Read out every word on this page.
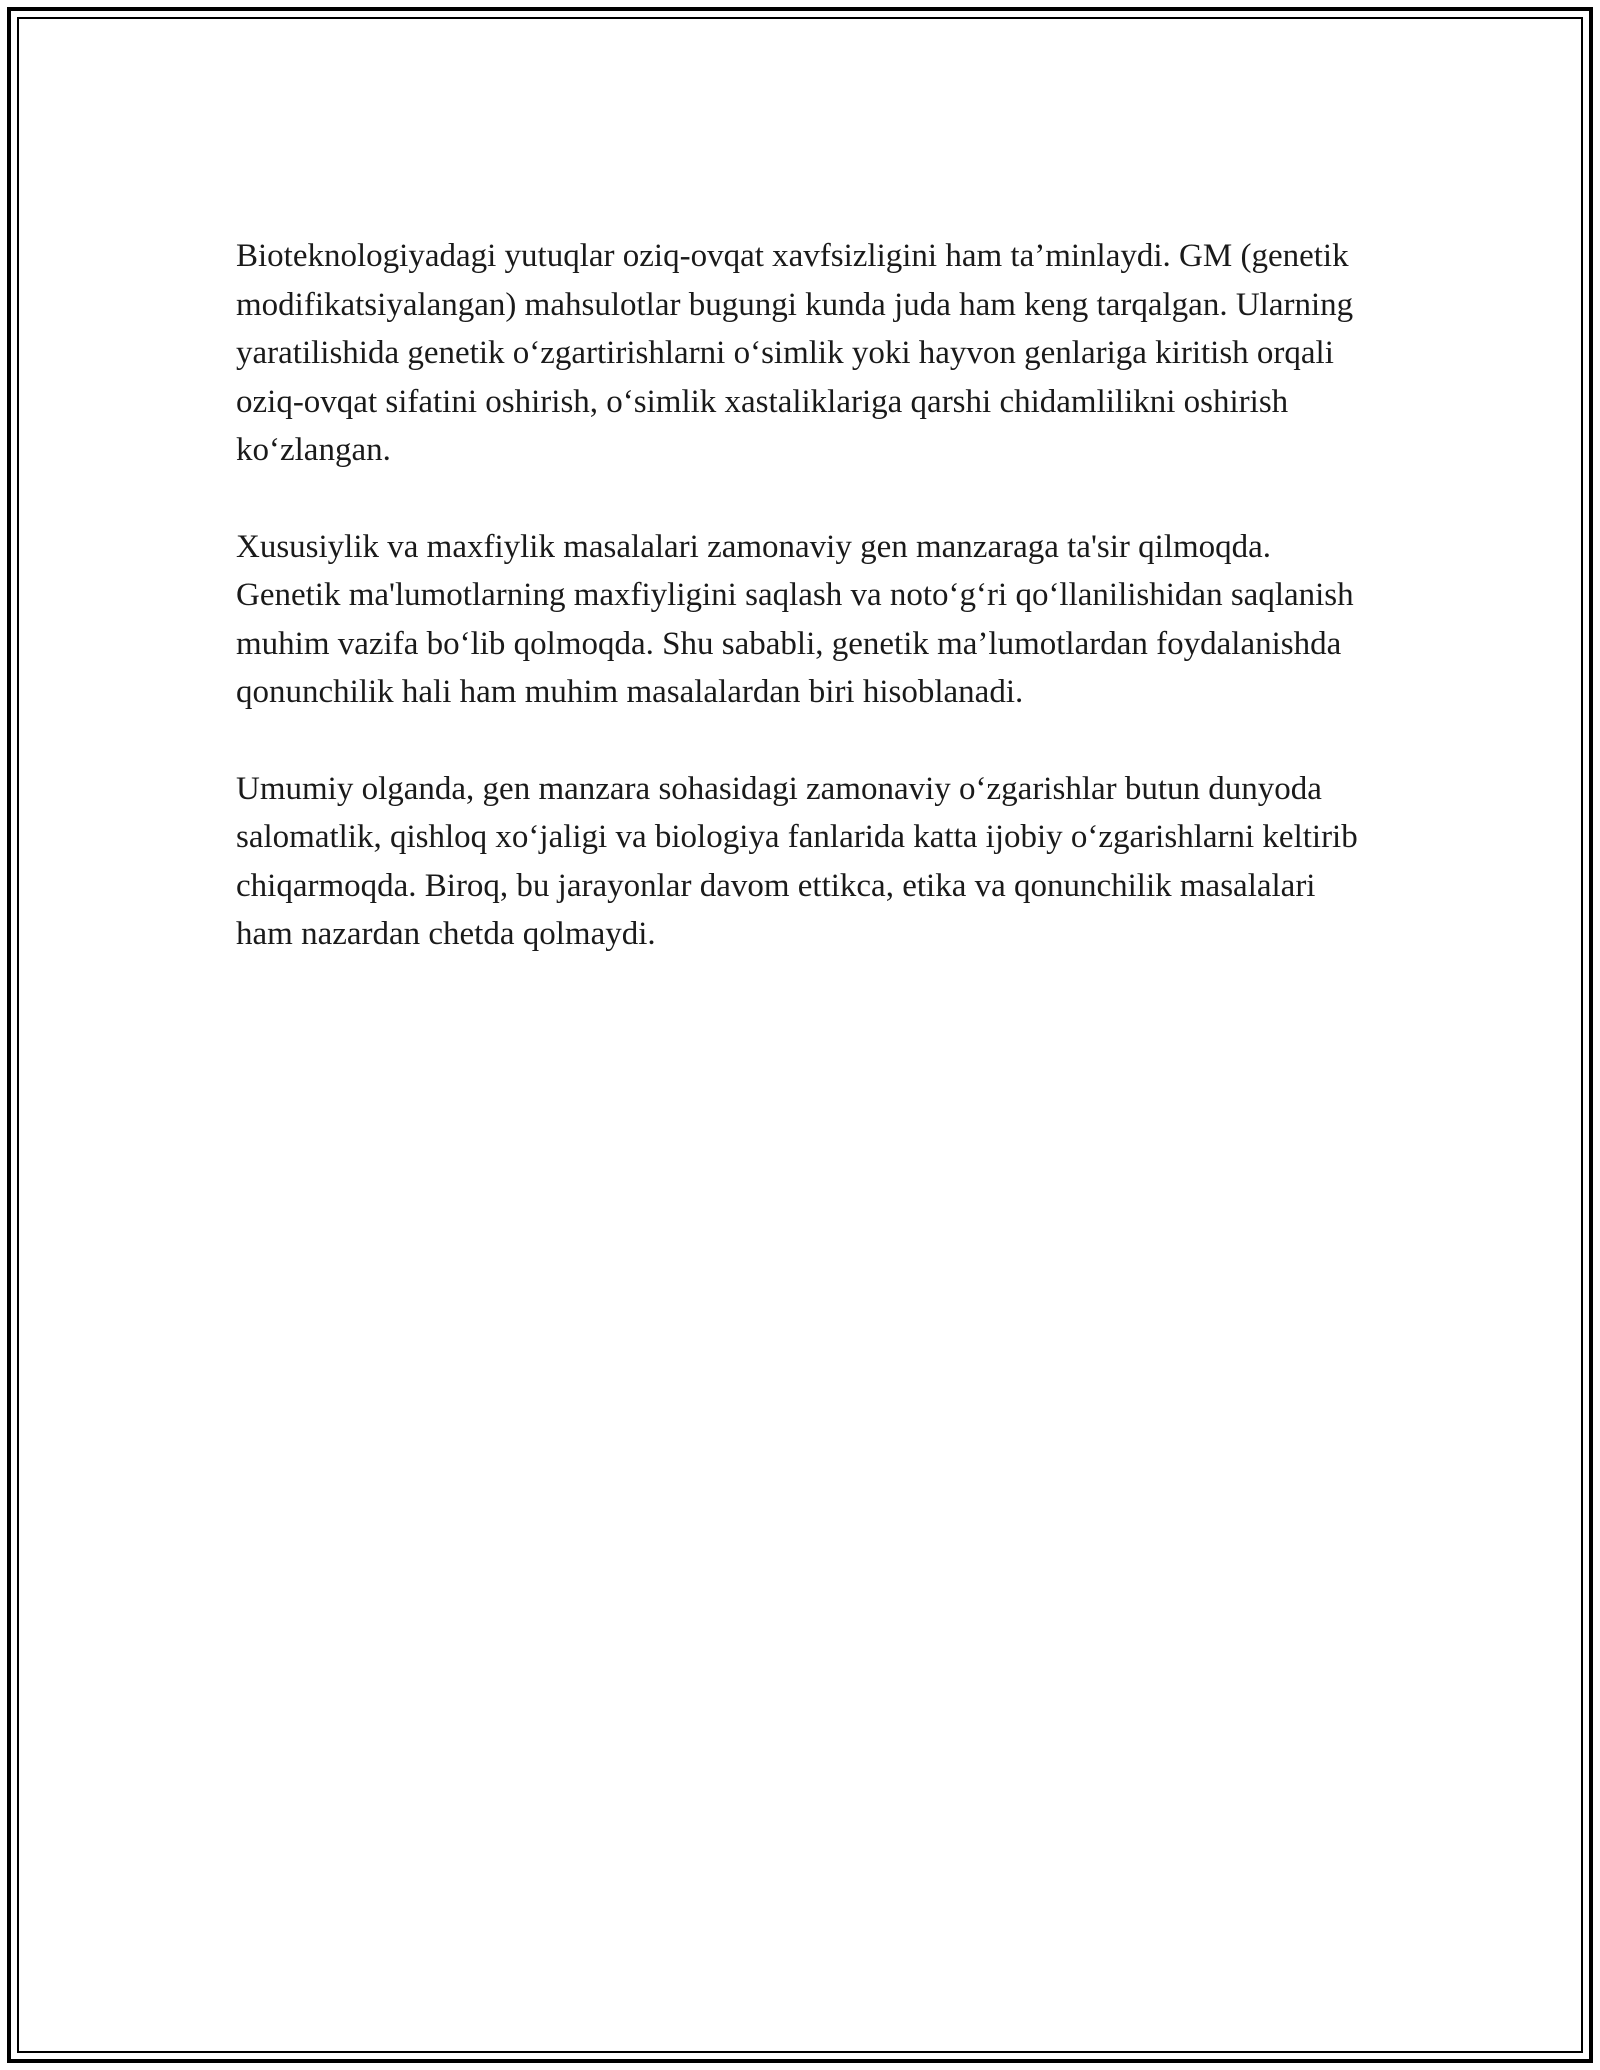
Bioteknologiyadagi yutuqlar oziq-ovqat xavfsizligini ham ta’minlaydi. GM (genetik modifikatsiyalangan) mahsulotlar bugungi kunda juda ham keng tarqalgan. Ularning yaratilishida genetik o‘zgartirishlarni o‘simlik yoki hayvon genlariga kiritish orqali oziq-ovqat sifatini oshirish, o‘simlik xastaliklariga qarshi chidamlilikni oshirish ko‘zlangan.

Xususiylik va maxfiylik masalalari zamonaviy gen manzaraga ta'sir qilmoqda. Genetik ma'lumotlarning maxfiyligini saqlash va noto‘g‘ri qo‘llanilishidan saqlanish muhim vazifa bo‘lib qolmoqda. Shu sababli, genetik ma’lumotlardan foydalanishda qonunchilik hali ham muhim masalalardan biri hisoblanadi.

Umumiy olganda, gen manzara sohasidagi zamonaviy o‘zgarishlar butun dunyoda salomatlik, qishloq xo‘jaligi va biologiya fanlarida katta ijobiy o‘zgarishlarni keltirib chiqarmoqda. Biroq, bu jarayonlar davom ettikca, etika va qonunchilik masalalari ham nazardan chetda qolmaydi.
